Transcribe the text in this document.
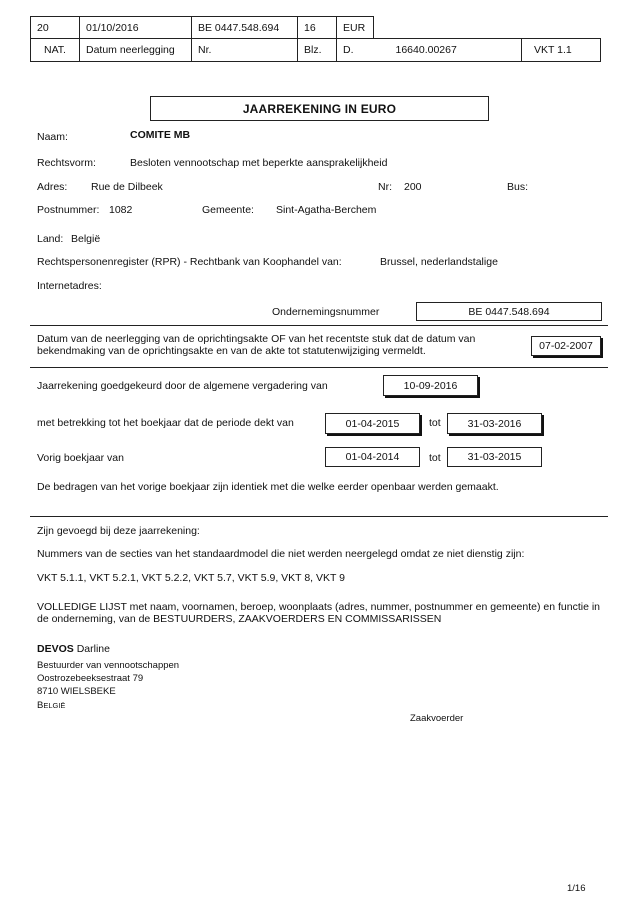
20	01/10/2016	BE 0447.548.694	16	EUR
NAT.	Datum neerlegging	Nr.	Blz.	D.	16640.00267	VKT 1.1
JAARREKENING IN EURO
Naam:	COMITE MB
Rechtsvorm:	Besloten vennootschap met beperkte aansprakelijkheid
Adres: Rue de Dilbeek	Nr: 200	Bus:
Postnummer: 1082	Gemeente: Sint-Agatha-Berchem
Land: België
Rechtspersonenregister (RPR) - Rechtbank van Koophandel van:	Brussel, nederlandstalige
Internetadres:
Ondernemingsnummer	BE 0447.548.694
Datum van de neerlegging van de oprichtingsakte OF van het recentste stuk dat de datum van bekendmaking van de oprichtingsakte en van de akte tot statutenwijziging vermeldt.	07-02-2007
Jaarrekening goedgekeurd door de algemene vergadering van	10-09-2016
met betrekking tot het boekjaar dat de periode dekt van	01-04-2015	tot	31-03-2016
Vorig boekjaar van	01-04-2014	tot	31-03-2015
De bedragen van het vorige boekjaar zijn identiek met die welke eerder openbaar werden gemaakt.
Zijn gevoegd bij deze jaarrekening:
Nummers van de secties van het standaardmodel die niet werden neergelegd omdat ze niet dienstig zijn:
VKT 5.1.1, VKT 5.2.1, VKT 5.2.2, VKT 5.7, VKT 5.9, VKT 8, VKT 9
VOLLEDIGE LIJST met naam, voornamen, beroep, woonplaats (adres, nummer, postnummer en gemeente) en functie in de onderneming, van de BESTUURDERS, ZAAKVOERDERS EN COMMISSARISSEN
DEVOS Darline
Bestuurder van vennootschappen
Oostrozebeeksestraat 79
8710 WIELSBEKE
BELGIË
Zaakvoerder
1/16
